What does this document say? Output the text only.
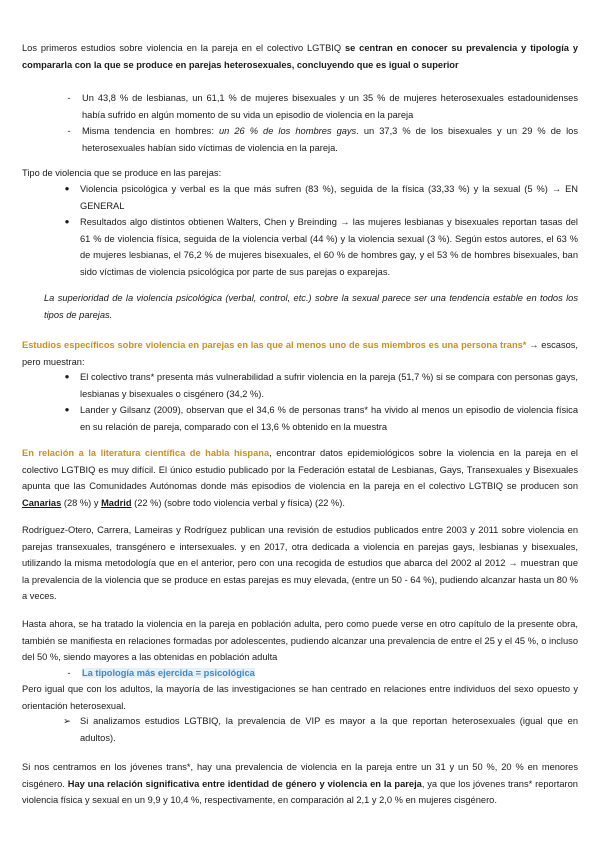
Los primeros estudios sobre violencia en la pareja en el colectivo LGTBIQ se centran en conocer su prevalencia y tipología y compararla con la que se produce en parejas heterosexuales, concluyendo que es igual o superior
-	Un 43,8 % de lesbianas, un 61,1 % de mujeres bisexuales y un 35 % de mujeres heterosexuales estadounidenses había sufrido en algún momento de su vida un episodio de violencia en la pareja
-	Misma tendencia en hombres: un 26 % de los hombres gays. un 37,3 % de los bisexuales y un 29 % de los heterosexuales habían sido víctimas de violencia en la pareja.
Tipo de violencia que se produce en las parejas:
●	Violencia psicológica y verbal es la que más sufren (83 %), seguida de la física (33,33 %) y la sexual (5 %) → EN GENERAL
●	Resultados algo distintos obtienen Walters, Chen y Breinding → las mujeres lesbianas y bisexuales reportan tasas del 61 % de violencia física, seguida de la violencia verbal (44 %) y la violencia sexual (3 %). Según estos autores, el 63 % de mujeres lesbianas, el 76,2 % de mujeres bisexuales, el 60 % de hombres gay, y el 53 % de hombres bisexuales, ban sido víctimas de violencia psicológica por parte de sus parejas o exparejas.
La superioridad de la violencia psicológica (verbal, control, etc.) sobre la sexual parece ser una tendencia estable en todos los tipos de parejas.
Estudios específicos sobre violencia en parejas en las que al menos uno de sus miembros es una persona trans* → escasos, pero muestran:
●	El colectivo trans* presenta más vulnerabilidad a sufrir violencia en la pareja (51,7 %) si se compara con personas gays, lesbianas y bisexuales o cisgénero (34,2 %).
●	Lander y Gilsanz (2009), observan que el 34,6 % de personas trans* ha vivido al menos un episodio de violencia física en su relación de pareja, comparado con el 13,6 % obtenido en la muestra
En relación a la literatura científica de habla hispana, encontrar datos epidemiológicos sobre la violencia en la pareja en el colectivo LGTBIQ es muy difícil. El único estudio publicado por la Federación estatal de Lesbianas, Gays, Transexuales y Bisexuales apunta que las Comunidades Autónomas donde más episodios de violencia en la pareja en el colectivo LGTBIQ se producen son Canarias (28 %) y Madrid (22 %) (sobre todo violencia verbal y física) (22 %).
Rodríguez-Otero, Carrera, Lameiras y Rodríguez publican una revisión de estudios publicados entre 2003 y 2011 sobre violencia en parejas transexuales, transgénero e intersexuales. y en 2017, otra dedicada a violencia en parejas gays, lesbianas y bisexuales, utilizando la misma metodología que en el anterior, pero con una recogida de estudios que abarca del 2002 al 2012 → muestran que la prevalencia de la violencia que se produce en estas parejas es muy elevada, (entre un 50 - 64 %), pudiendo alcanzar hasta un 80 % a veces.
Hasta ahora, se ha tratado la violencia en la pareja en población adulta, pero como puede verse en otro capítulo de la presente obra, también se manifiesta en relaciones formadas por adolescentes, pudiendo alcanzar una prevalencia de entre el 25 y el 45 %, o incluso del 50 %, siendo mayores a las obtenidas en población adulta
-	La tipología más ejercida = psicológica
Pero igual que con los adultos, la mayoría de las investigaciones se han centrado en relaciones entre individuos del sexo opuesto y orientación heterosexual.
➢ Si analizamos estudios LGTBIQ, la prevalencia de VIP es mayor a la que reportan heterosexuales (igual que en adultos).
Si nos centramos en los jóvenes trans*, hay una prevalencia de violencia en la pareja entre un 31 y un 50 %, 20 % en menores cisgénero. Hay una relación significativa entre identidad de género y violencia en la pareja, ya que los jóvenes trans* reportaron violencia física y sexual en un 9,9 y 10,4 %, respectivamente, en comparación al 2,1 y 2,0 % en mujeres cisgénero.
